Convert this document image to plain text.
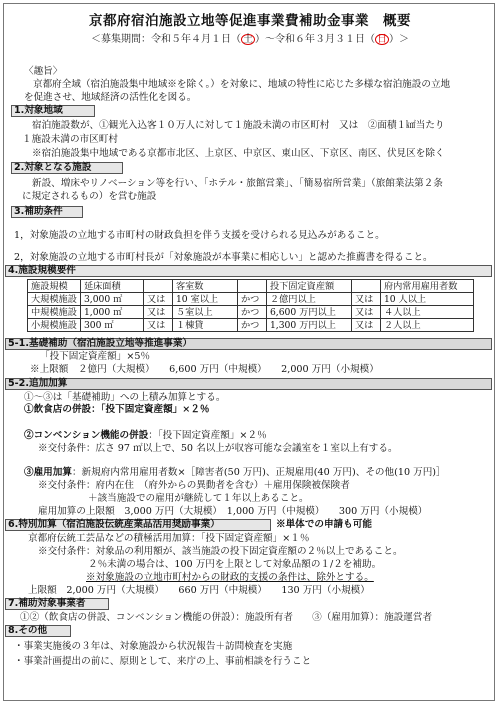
京都府宿泊施設立地等促進事業費補助金事業　概要
＜募集期間：令和５年４月１日（ 土 ）～令和６年３月３１日（ 日 ）＞
〈趣旨〉
京都府全域（宿泊施設集中地域※を除く。）を対象に、地域の特性に応じた多様な宿泊施設の立地
を促進させ、地域経済の活性化を図る。
1.対象地域
宿泊施設数が、①観光入込客１０万人に対して１施設未満の市区町村　又は　②面積１㎢当たり
１施設未満の市区町村
※宿泊施設集中地域である京都市北区、上京区、中京区、東山区、下京区、南区、伏見区を除く
2.対象となる施設
新設、増床やリノベーション等を行い、「ホテル・旅館営業」、「簡易宿所営業」（旅館業法第２条
に規定されるもの）を営む施設
3.補助条件
1，対象施設の立地する市町村の財政負担を伴う支援を受けられる見込みがあること。
2，対象施設の立地する市町村長が「対象施設が本事業に相応しい」と認めた推薦書を得ること。
4.施設規模要件
施設規模	延床面積		客室数		投下固定資産額		府内常用雇用者数
大規模施設	3,000 ㎡	又は	10 室以上	かつ	２億円以上	又は	10 人以上
中規模施設	1,000 ㎡	又は	５室以上	かつ	6,600 万円以上	又は	４人以上
小規模施設	300 ㎡	又は	１棟貸	かつ	1,300 万円以上	又は	２人以上
5-1.基礎補助（宿泊施設立地等推進事業）
「投下固定資産額」×5％
※上限額　２億円（大規模）　　6,600 万円（中規模）　　2,000 万円（小規模）
5-2.追加加算
①～③は「基礎補助」への上積み加算とする。
①飲食店の併設：「投下固定資産額」×２％
②コンベンション機能の併設：「投下固定資産額」×２％
※交付条件：広さ 97 ㎡以上で、50 名以上が収容可能な会議室を１室以上有する。
③雇用加算：新規府内常用雇用者数×［障害者(50 万円)、正規雇用(40 万円)、その他(10 万円)］
※交付条件：府内在住　（府外からの異動者を含む）＋雇用保険被保険者
＋該当施設での雇用が継続して１年以上あること。
雇用加算の上限額　3,000 万円（大規模）　1,000 万円（中規模）　　300 万円（小規模）
6.特別加算（宿泊施設伝統産業品活用奨励事業）	※単体での申請も可能
京都府伝統工芸品などの積極活用加算：「投下固定資産額」×１％
※交付条件：対象品の利用額が、該当施設の投下固定資産額の２％以上であること。
２％未満の場合は、100 万円を上限として対象品額の１/２を補助。
※対象施設の立地市町村からの財政的支援の条件は、除外とする。
上限額　2,000 万円（大規模）　　660 万円（中規模）　　130 万円（小規模）
7.補助対象事業者
①②（飲食店の併設、コンベンション機能の併設）：施設所有者　　③（雇用加算）：施設運営者
8.その他
・事業実施後の３年は、対象施設から状況報告＋訪問検査を実施
・事業計画提出の前に、原則として、来庁の上、事前相談を行うこと
